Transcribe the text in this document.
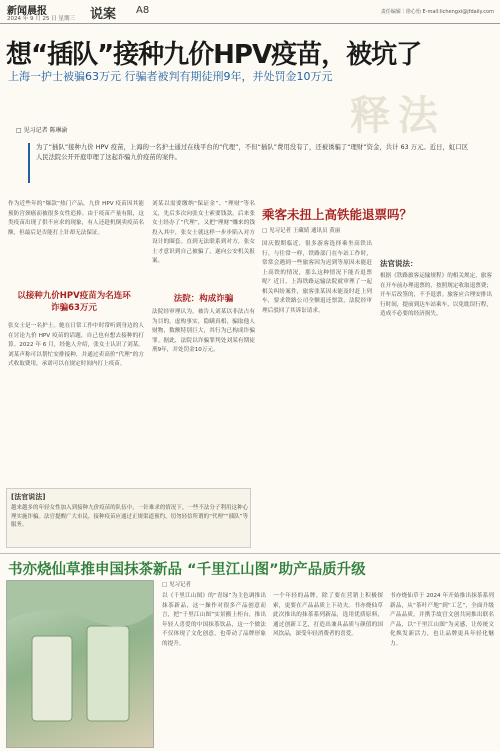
新闻晨报
2024 年 9 月 25 日 星期三 说案 A8	责任编辑｜徐心怡 E-mail:lichengxi@jfdaily.com
想“插队”接种九价HPV疫苗，被坑了
上海一护士被骗63万元 行骗者被判有期徒刑9年，并处罚金10万元
释法
□ 见习记者 陈琳渝
为了“插队”接种九价 HPV 疫苗，上海的一名护士通过在线平台的“代理”，不但“插队”费用没有了，还被诱骗了“理财”资金，共计 63 万元。近日，虹口区人民法院公开开庭审理了这起诈骗九价疫苗的案件。
作为近些年的“爆款”热门产品，九价 HPV 疫苗因其能预防宫颈癌而被很多女性追捧。由于疫苗产量有限，这类疫苗出现了供不应求的现象，有人还趁机倒卖疫苗名额，但最后是否能打上针却无法保证。
以接种九价HPV疫苗为名连环诈骗63万元
张女士是一名护士。她在日常工作中时常听到身边的人在讨论九价 HPV 疫苗的话题，自己也有想去接种的打算。2022 年 6 月，经他人介绍，张女士认识了刘某。刘某声称可以帮忙安排接种，并通过卖高价“代理”的方式收取费用，承诺可以在规定时间内打上疫苗。
刘某以需要缴纳“保证金”、“理财”等名义，先后多次向张女士索要钱款。后来张女士经办了“代理”，又把“理财”赚来的钱投入其中，张女士就这样一步步陷入对方设计的圈套。直到无法联系到对方，张女士才意识到自己被骗了，遂向公安机关报案。
法院：构成诈骗
法院经审理认为，被告人刘某以非法占有为目的，虚构事实，隐瞒真相，骗取他人财物，数额特别巨大，其行为已构成诈骗罪。据此，法院以诈骗罪判处刘某有期徒刑9年，并处罚金10万元。
[法官说法]
越来越多的年轻女性加入到接种九价疫苗的队伍中，一针难求的情况下，一些不法分子利用这种心理实施诈骗。法官提醒广大市民，接种疫苗应通过正规渠道预约，切勿轻信所谓的“代理”“插队”等服务。
乘客未扭上高铁能退票吗？
□ 见习记者 王藏婧 通讯员 黄丽
国庆假期临近，很多游客选择乘坐高铁出行。与往常一样，铁路部门在车站工作时，常常会遇到一些旅客因为迟到等原因未能赶上高铁的情况，那么这种情况下能否退票呢？近日，上海铁路运输法院就审理了一起相关纠纷案件，旅客张某因未能及时赶上列车，要求铁路公司全额退还票款，法院经审理后驳回了其诉讼请求。
法官说法：
根据《铁路旅客运输规程》的相关规定，旅客在开车前办理退票的，按照规定收取退票费；开车后改签的，不予退票。旅客应合理安排出行时间，提前到达车站乘车，以免耽误行程，造成不必要的经济损失。
书亦烧仙草推申国抹茶新品 “千里江山图”助产品质升级
□ 见习记者
以《千里江山图》的“青绿”为主色调推出抹茶新品，这一操作对很多产品创意而言，把“千里江山图”实景搬上柜台，推出年轻人喜爱的中国抹茶饮品，这一个做法不仅体现了文化创意，也带动了品牌形象的提升。
一个年轻的品牌，除了要在营销上积极探索，更要在产品品质上下功夫。书亦烧仙草此次推出的抹茶系列新品，选用优质原料，通过创新工艺，打造出兼具品质与颜值的国风饮品，深受年轻消费者的喜爱。
书亦烧仙草于 2024 年开始推出抹茶系列新品，从“茶叶产地”到“工艺”，全面升级产品品质，并携手故宫文创共同推出联名产品，以“千里江山图”为灵感，让传统文化焕发新活力，也让品牌更具年轻化魅力。
